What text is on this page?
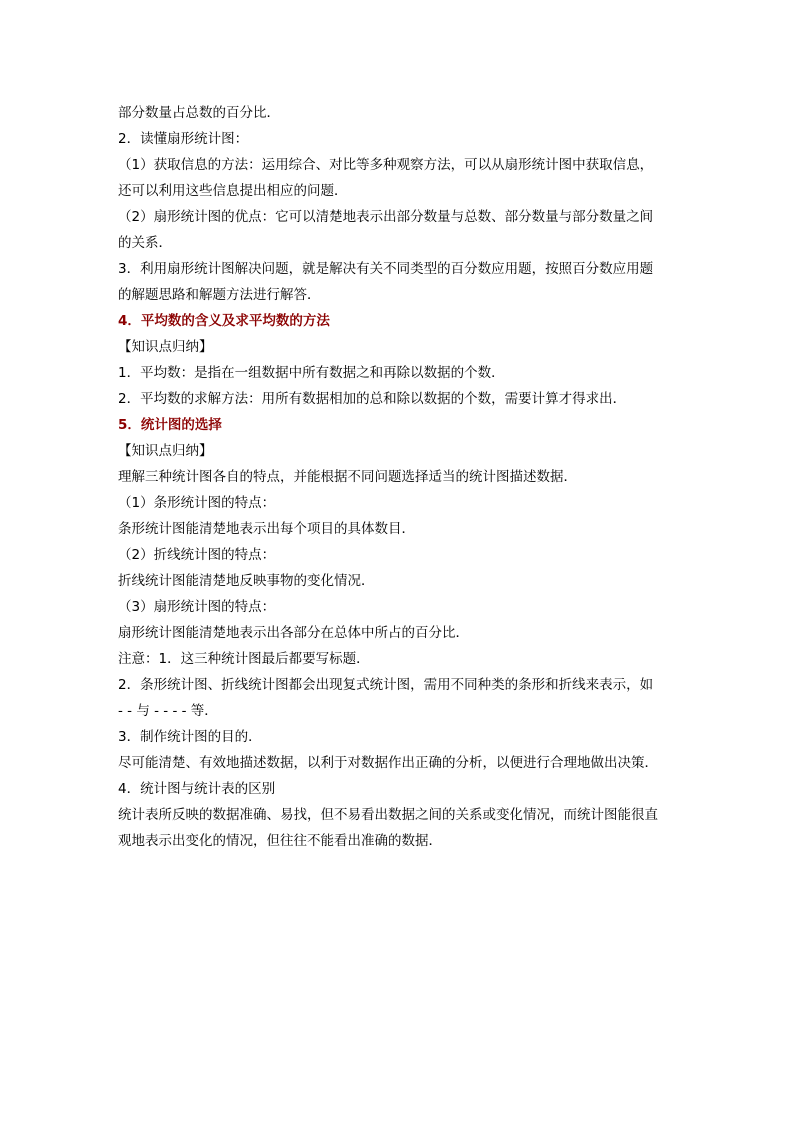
部分数量占总数的百分比．
2．读懂扇形统计图：
（1）获取信息的方法：运用综合、对比等多种观察方法，可以从扇形统计图中获取信息，
还可以利用这些信息提出相应的问题．
（2）扇形统计图的优点：它可以清楚地表示出部分数量与总数、部分数量与部分数量之间
的关系．
3．利用扇形统计图解决问题，就是解决有关不同类型的百分数应用题，按照百分数应用题
的解题思路和解题方法进行解答．
4．平均数的含义及求平均数的方法
【知识点归纳】
1．平均数：是指在一组数据中所有数据之和再除以数据的个数．
2．平均数的求解方法：用所有数据相加的总和除以数据的个数，需要计算才得求出．
5．统计图的选择
【知识点归纳】
理解三种统计图各自的特点，并能根据不同问题选择适当的统计图描述数据．
（1）条形统计图的特点：
条形统计图能清楚地表示出每个项目的具体数目．
（2）折线统计图的特点：
折线统计图能清楚地反映事物的变化情况．
（3）扇形统计图的特点：
扇形统计图能清楚地表示出各部分在总体中所占的百分比．
注意：1．这三种统计图最后都要写标题．
2．条形统计图、折线统计图都会出现复式统计图，需用不同种类的条形和折线来表示，如
- - 与 - - - - 等．
3．制作统计图的目的．
尽可能清楚、有效地描述数据，以利于对数据作出正确的分析，以便进行合理地做出决策．
4．统计图与统计表的区别
统计表所反映的数据准确、易找，但不易看出数据之间的关系或变化情况，而统计图能很直
观地表示出变化的情况，但往往不能看出准确的数据．
